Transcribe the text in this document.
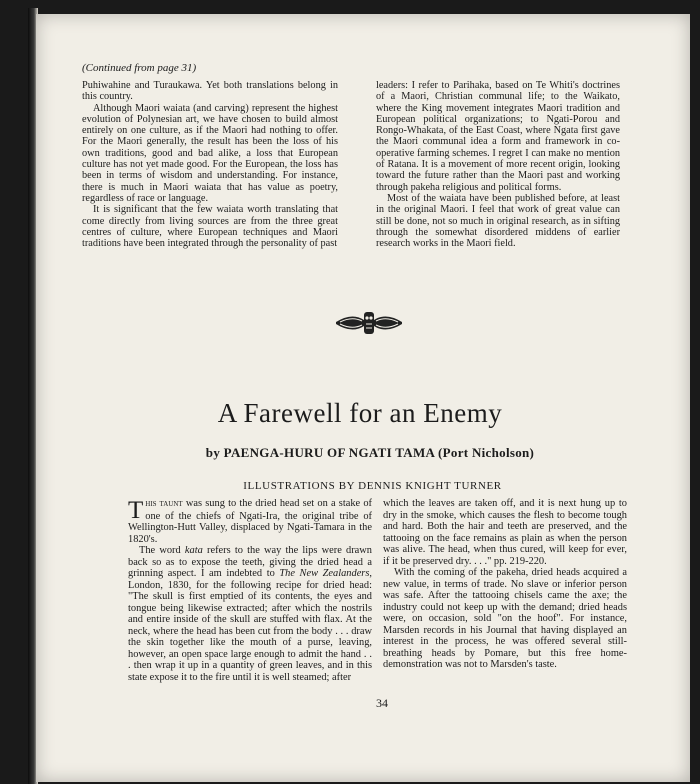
(Continued from page 31)

Puhiwahine and Turaukawa. Yet both translations belong in this country.

Although Maori waiata (and carving) represent the highest evolution of Polynesian art, we have chosen to build almost entirely on one culture, as if the Maori had nothing to offer. For the Maori generally, the result has been the loss of his own traditions, good and bad alike, a loss that European culture has not yet made good. For the European, the loss has been in terms of wisdom and understanding. For instance, there is much in Maori waiata that has value as poetry, regardless of race or language.

It is significant that the few waiata worth translating that come directly from living sources are from the three great centres of culture, where European techniques and Maori traditions have been integrated through the personality of past

leaders: I refer to Parihaka, based on Te Whiti's doctrines of a Maori, Christian communal life; to the Waikato, where the King movement integrates Maori tradition and European political organizations; to Ngati-Porou and Rongo-Whakata, of the East Coast, where Ngata first gave the Maori communal idea a form and framework in co-operative farming schemes. I regret I can make no mention of Ratana. It is a movement of more recent origin, looking toward the future rather than the Maori past and working through pakeha religious and political forms.

Most of the waiata have been published before, at least in the original Maori. I feel that work of great value can still be done, not so much in original research, as in sifting through the somewhat disordered middens of earlier research works in the Maori field.

A Farewell for an Enemy
by PAENGA-HURU OF NGATI TAMA (Port Nicholson)
ILLUSTRATIONS BY DENNIS KNIGHT TURNER

This taunt was sung to the dried head set on a stake of one of the chiefs of Ngati-Ira, the original tribe of Wellington-Hutt Valley, displaced by Ngati-Tamara in the 1820's.

The word kata refers to the way the lips were drawn back so as to expose the teeth, giving the dried head a grinning aspect. I am indebted to The New Zealanders, London, 1830, for the following recipe for dried head: "The skull is first emptied of its contents, the eyes and tongue being likewise extracted; after which the nostrils and entire inside of the skull are stuffed with flax. At the neck, where the head has been cut from the body . . . draw the skin together like the mouth of a purse, leaving, however, an open space large enough to admit the hand . . . then wrap it up in a quantity of green leaves, and in this state expose it to the fire until it is well steamed; after

which the leaves are taken off, and it is next hung up to dry in the smoke, which causes the flesh to become tough and hard. Both the hair and teeth are preserved, and the tattooing on the face remains as plain as when the person was alive. The head, when thus cured, will keep for ever, if it be preserved dry. . . ." pp. 219-220.

With the coming of the pakeha, dried heads acquired a new value, in terms of trade. No slave or inferior person was safe. After the tattooing chisels came the axe; the industry could not keep up with the demand; dried heads were, on occasion, sold "on the hoof". For instance, Marsden records in his Journal that having displayed an interest in the process, he was offered several still-breathing heads by Pomare, but this free home-demonstration was not to Marsden's taste.

34
